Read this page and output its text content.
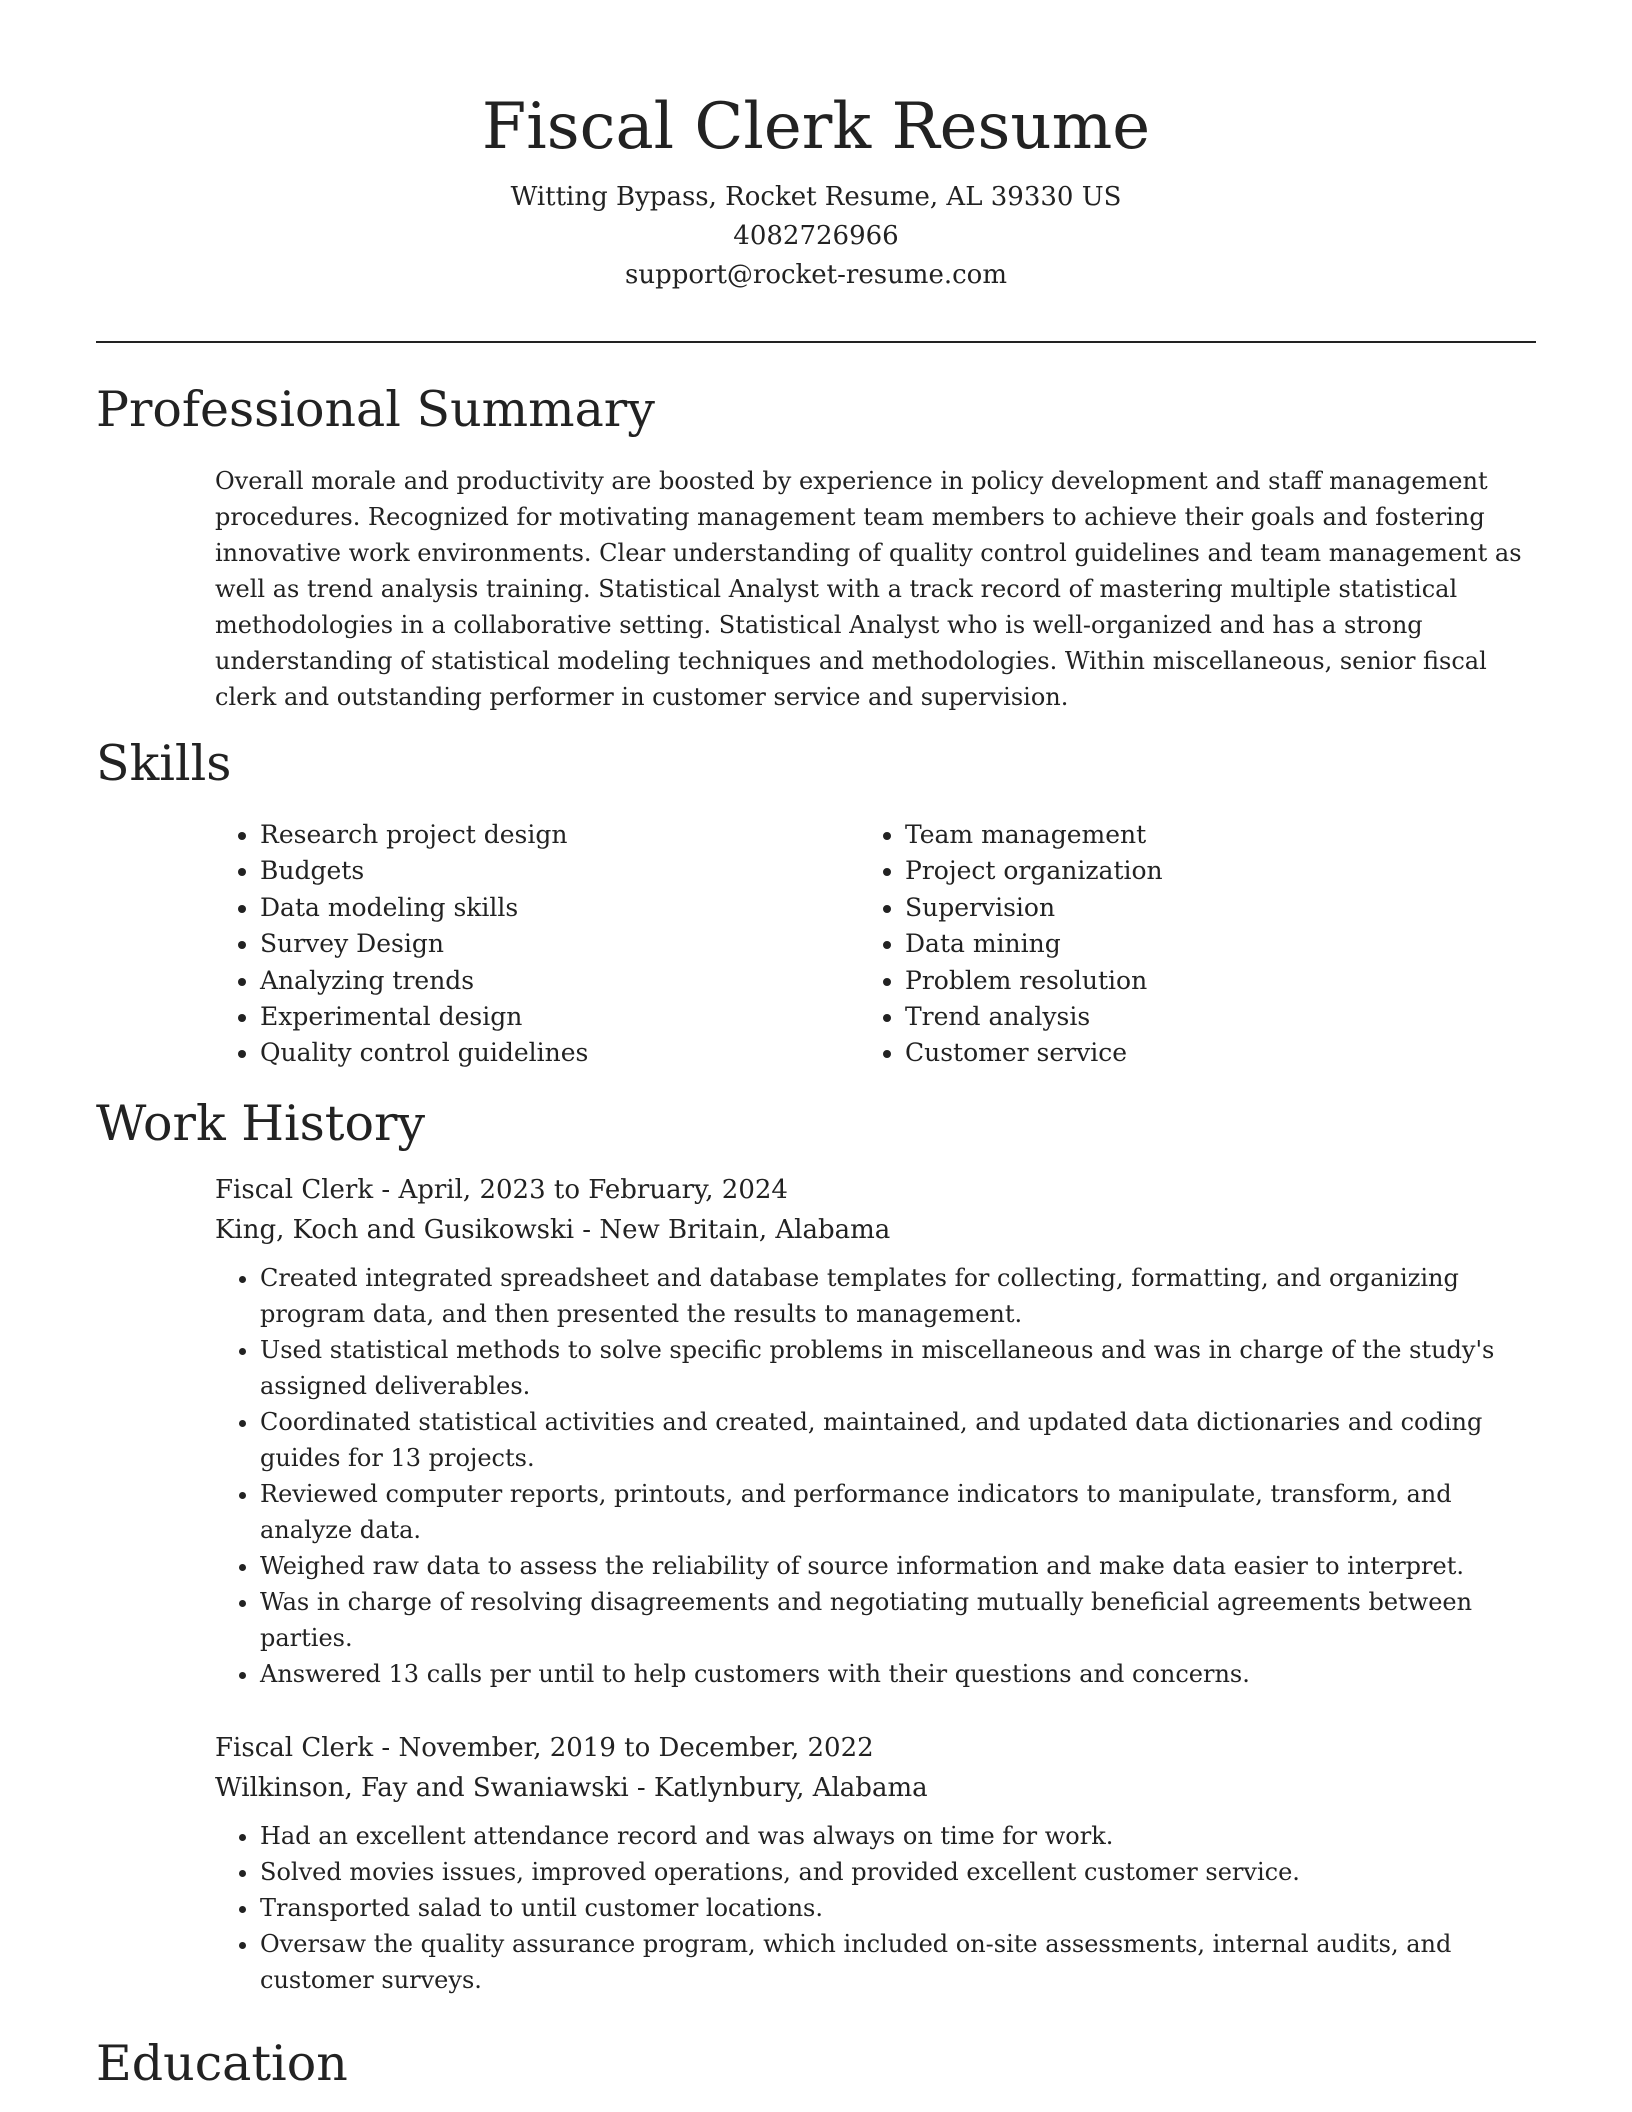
Fiscal Clerk Resume

Witting Bypass, Rocket Resume, AL 39330 US

4082726966

support@rocket-resume.com

Professional Summary

Overall morale and productivity are boosted by experience in policy development and staff management procedures. Recognized for motivating management team members to achieve their goals and fostering innovative work environments. Clear understanding of quality control guidelines and team management as well as trend analysis training. Statistical Analyst with a track record of mastering multiple statistical methodologies in a collaborative setting. Statistical Analyst who is well-organized and has a strong understanding of statistical modeling techniques and methodologies. Within miscellaneous, senior fiscal clerk and outstanding performer in customer service and supervision.

Skills
• Research project design
• Budgets
• Data modeling skills
• Survey Design
• Analyzing trends
• Experimental design
• Quality control guidelines
• Team management
• Project organization
• Supervision
• Data mining
• Problem resolution
• Trend analysis
• Customer service
Work History

Fiscal Clerk - April, 2023 to February, 2024

King, Koch and Gusikowski - New Britain, Alabama

• Created integrated spreadsheet and database templates for collecting, formatting, and organizing program data, and then presented the results to management.
• Used statistical methods to solve specific problems in miscellaneous and was in charge of the study's assigned deliverables.
• Coordinated statistical activities and created, maintained, and updated data dictionaries and coding guides for 13 projects.
• Reviewed computer reports, printouts, and performance indicators to manipulate, transform, and analyze data.
• Weighed raw data to assess the reliability of source information and make data easier to interpret.
• Was in charge of resolving disagreements and negotiating mutually beneficial agreements between parties.
• Answered 13 calls per until to help customers with their questions and concerns.

Fiscal Clerk - November, 2019 to December, 2022

Wilkinson, Fay and Swaniawski - Katlynbury, Alabama

• Had an excellent attendance record and was always on time for work.
• Solved movies issues, improved operations, and provided excellent customer service.
• Transported salad to until customer locations.
• Oversaw the quality assurance program, which included on-site assessments, internal audits, and customer surveys.
Education
